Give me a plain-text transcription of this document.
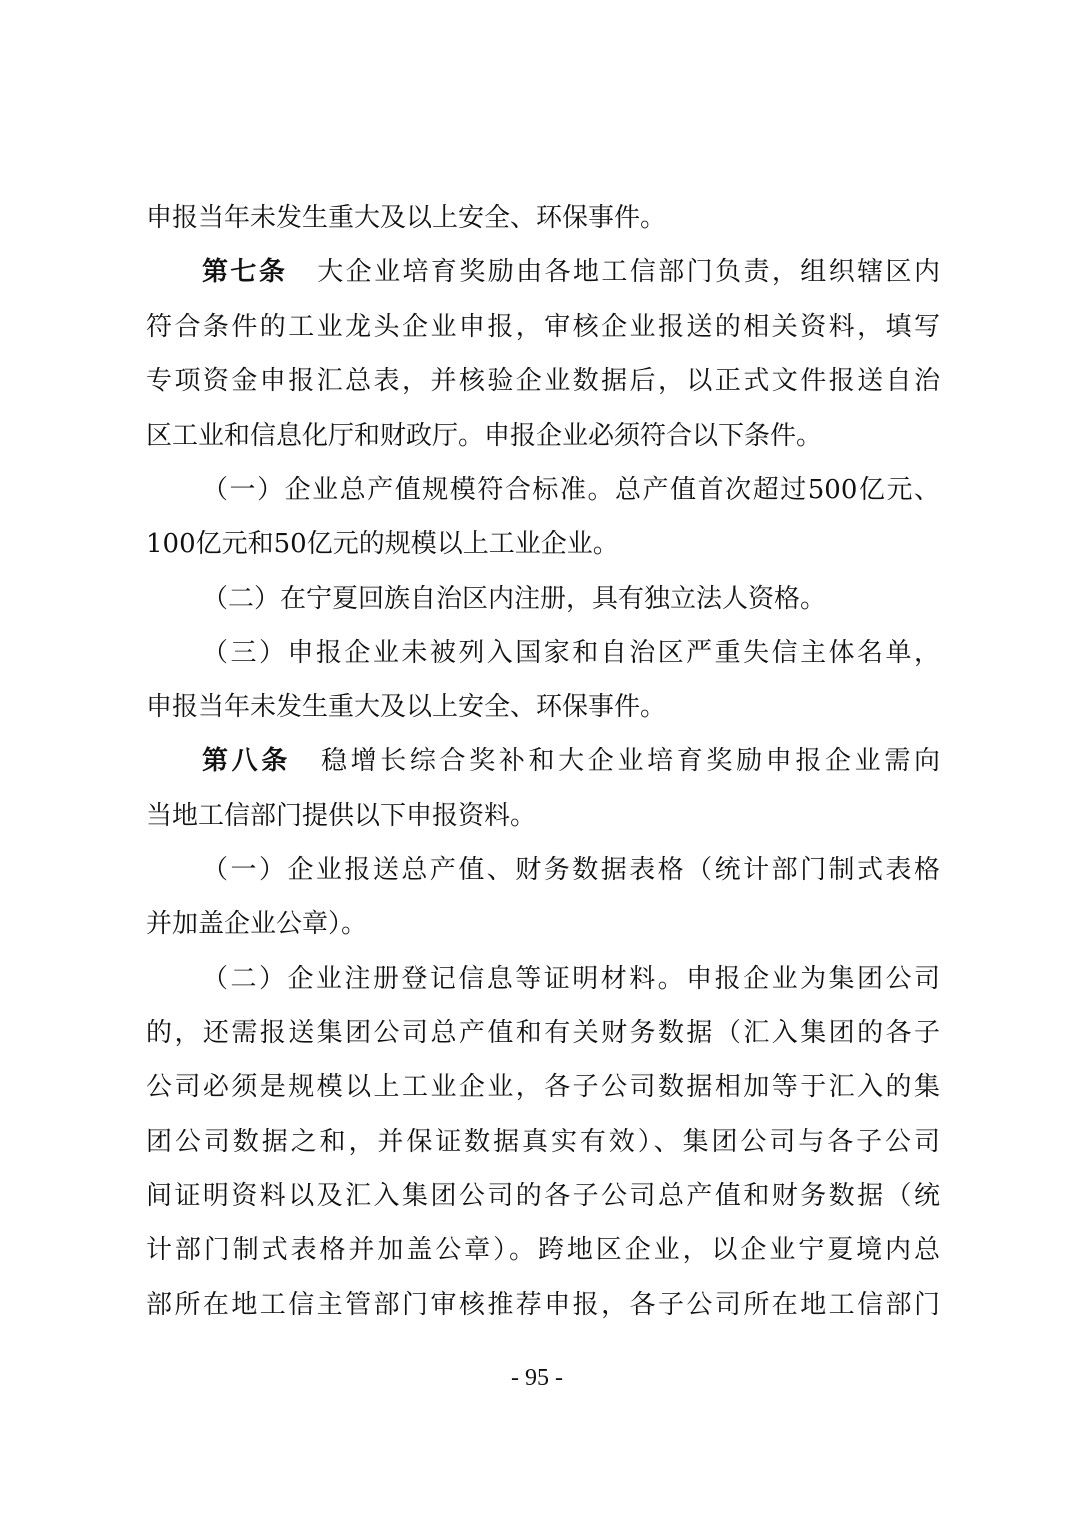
申报当年未发生重大及以上安全、环保事件。
第七条 大企业培育奖励由各地工信部门负责，组织辖区内
符合条件的工业龙头企业申报，审核企业报送的相关资料，填写
专项资金申报汇总表，并核验企业数据后，以正式文件报送自治
区工业和信息化厅和财政厅。申报企业必须符合以下条件。
（一）企业总产值规模符合标准。总产值首次超过500亿元、
100亿元和50亿元的规模以上工业企业。
（二）在宁夏回族自治区内注册，具有独立法人资格。
（三）申报企业未被列入国家和自治区严重失信主体名单，
申报当年未发生重大及以上安全、环保事件。
第八条 稳增长综合奖补和大企业培育奖励申报企业需向
当地工信部门提供以下申报资料。
（一）企业报送总产值、财务数据表格（统计部门制式表格
并加盖企业公章）。
（二）企业注册登记信息等证明材料。申报企业为集团公司
的，还需报送集团公司总产值和有关财务数据（汇入集团的各子
公司必须是规模以上工业企业，各子公司数据相加等于汇入的集
团公司数据之和，并保证数据真实有效）、集团公司与各子公司
间证明资料以及汇入集团公司的各子公司总产值和财务数据（统
计部门制式表格并加盖公章）。跨地区企业，以企业宁夏境内总
部所在地工信主管部门审核推荐申报，各子公司所在地工信部门
- 95 -
